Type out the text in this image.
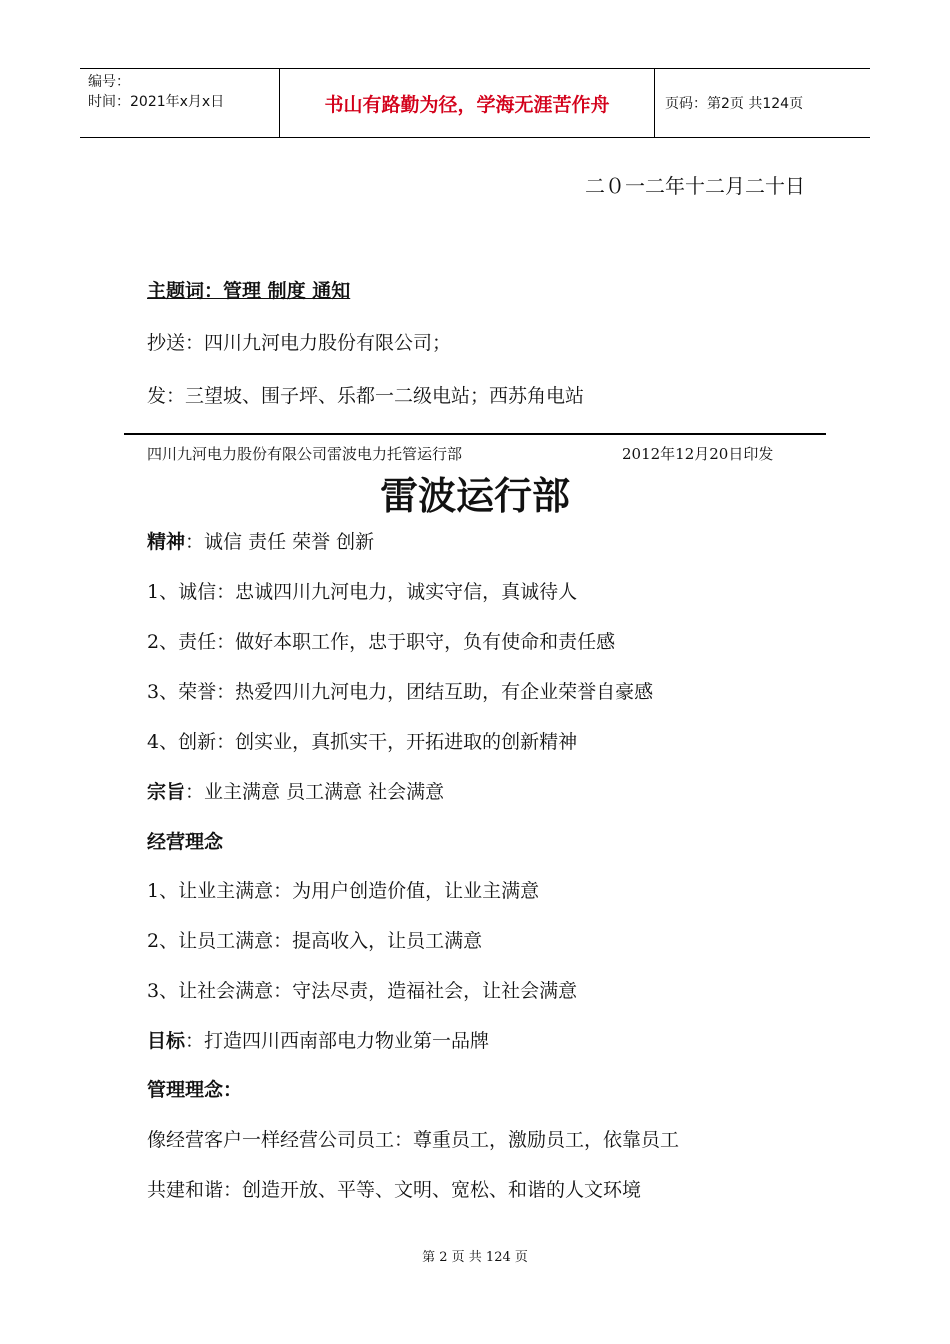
编号：
时间：2021年x月x日	书山有路勤为径，学海无涯苦作舟	页码：第2页 共124页
二０一二年十二月二十日
主题词：管理 制度 通知
抄送：四川九河电力股份有限公司；
发：三望坡、围子坪、乐都一二级电站；西苏角电站
四川九河电力股份有限公司雷波电力托管运行部	2012年12月20日印发
雷波运行部
精神：诚信 责任 荣誉 创新
1、诚信：忠诚四川九河电力，诚实守信，真诚待人
2、责任：做好本职工作，忠于职守，负有使命和责任感
3、荣誉：热爱四川九河电力，团结互助，有企业荣誉自豪感
4、创新：创实业，真抓实干，开拓进取的创新精神
宗旨：业主满意 员工满意 社会满意
经营理念
1、让业主满意：为用户创造价值，让业主满意
2、让员工满意：提高收入，让员工满意
3、让社会满意：守法尽责，造福社会，让社会满意
目标：打造四川西南部电力物业第一品牌
管理理念：
像经营客户一样经营公司员工：尊重员工，激励员工，依靠员工
共建和谐：创造开放、平等、文明、宽松、和谐的人文环境
第 2 页 共 124 页
